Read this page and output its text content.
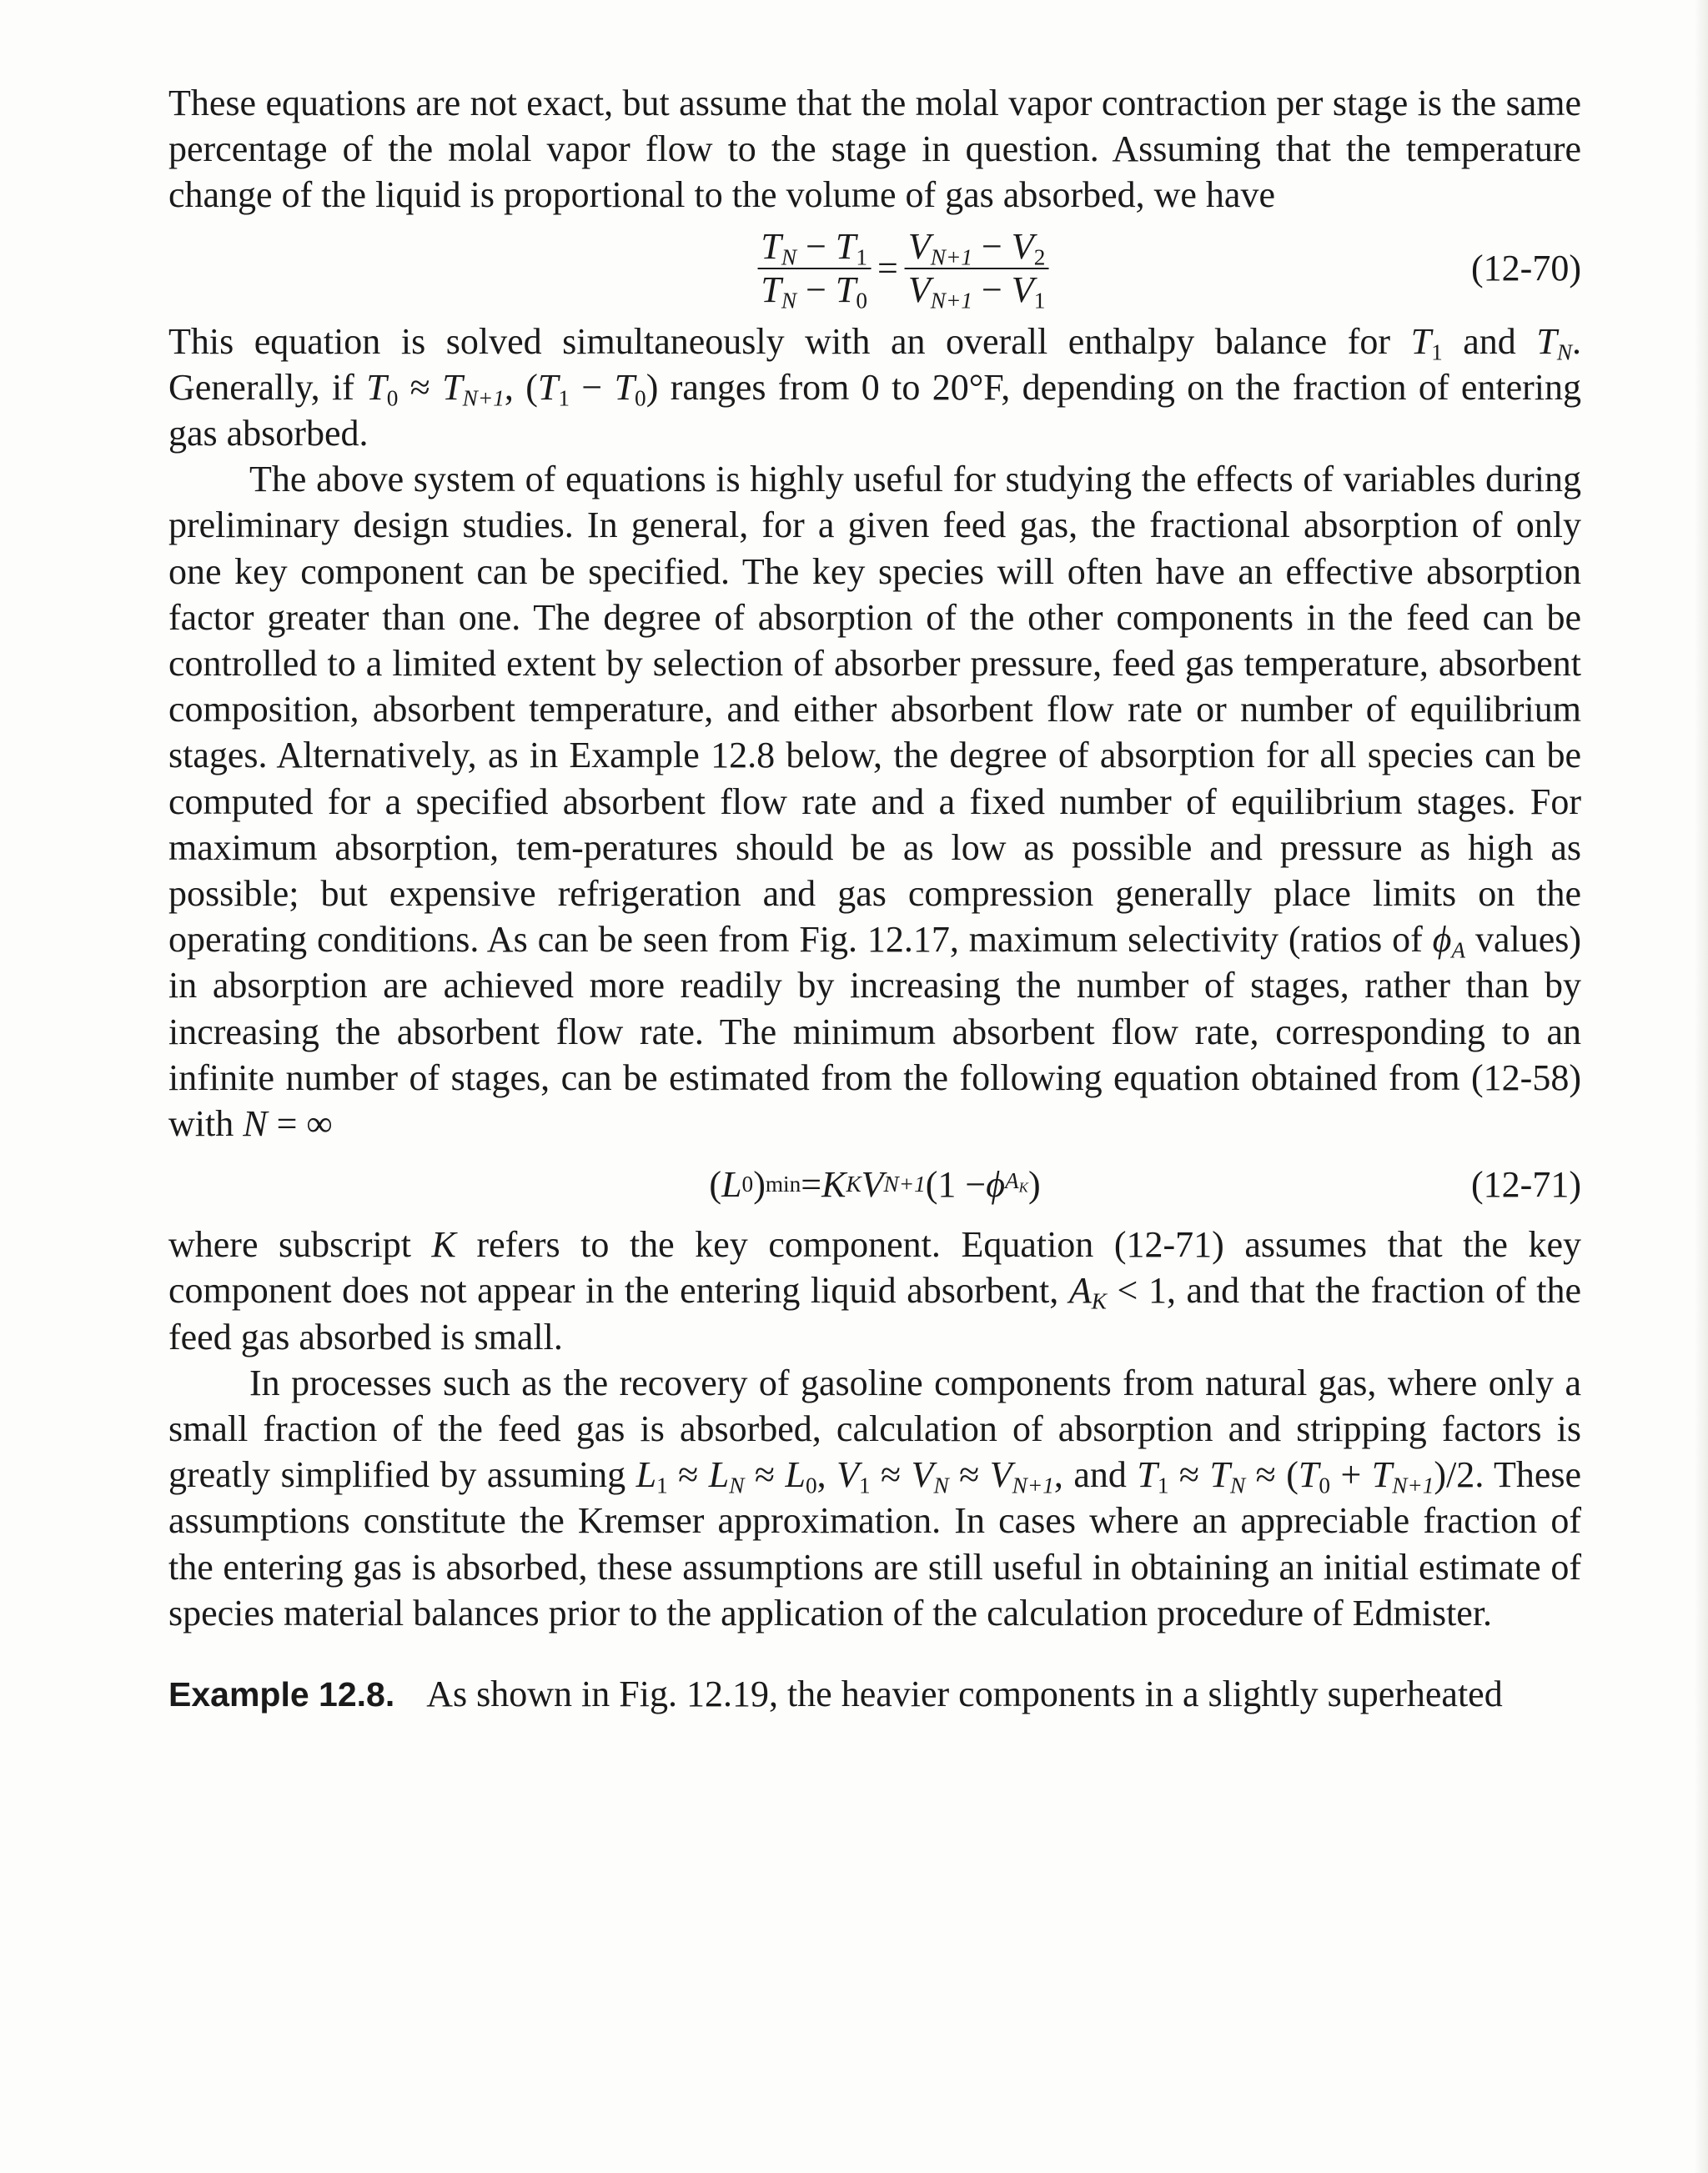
These equations are not exact, but assume that the molal vapor contraction per stage is the same percentage of the molal vapor flow to the stage in question. Assuming that the temperature change of the liquid is proportional to the volume of gas absorbed, we have

$\frac{T_N - T_1}{T_N - T_0} = \frac{V_{N+1} - V_2}{V_{N+1} - V_1}$	(12-70)

This equation is solved simultaneously with an overall enthalpy balance for $T_1$ and $T_N$. Generally, if $T_0 \approx T_{N+1}$, $(T_1 - T_0)$ ranges from 0 to 20°F, depending on the fraction of entering gas absorbed.

The above system of equations is highly useful for studying the effects of variables during preliminary design studies. In general, for a given feed gas, the fractional absorption of only one key component can be specified. The key species will often have an effective absorption factor greater than one. The degree of absorption of the other components in the feed can be controlled to a limited extent by selection of absorber pressure, feed gas temperature, absorbent composition, absorbent temperature, and either absorbent flow rate or number of equilibrium stages. Alternatively, as in Example 12.8 below, the degree of absorption for all species can be computed for a specified absorbent flow rate and a fixed number of equilibrium stages. For maximum absorption, tem-peratures should be as low as possible and pressure as high as possible; but expensive refrigeration and gas compression generally place limits on the operating conditions. As can be seen from Fig. 12.17, maximum selectivity (ratios of $\phi_A$ values) in absorption are achieved more readily by increasing the number of stages, rather than by increasing the absorbent flow rate. The minimum absorbent flow rate, corresponding to an infinite number of stages, can be estimated from the following equation obtained from (12-58) with N = ∞

( L 0 ) min = K K V N+1 (1 − ϕ $A_K$ )	(12-71)

where subscript K refers to the key component. Equation (12-71) assumes that the key component does not appear in the entering liquid absorbent, $A_K < 1$, and that the fraction of the feed gas absorbed is small.

In processes such as the recovery of gasoline components from natural gas, where only a small fraction of the feed gas is absorbed, calculation of absorption and stripping factors is greatly simplified by assuming $L_1 \approx L_N \approx L_0$, $V_1 \approx V_N \approx V_{N+1}$, and $T_1 \approx T_N \approx (T_0 + T_{N+1})/2$. These assumptions constitute the Kremser approximation. In cases where an appreciable fraction of the entering gas is absorbed, these assumptions are still useful in obtaining an initial estimate of species material balances prior to the application of the calculation procedure of Edmister.

Example 12.8. As shown in Fig. 12.19, the heavier components in a slightly superheated
